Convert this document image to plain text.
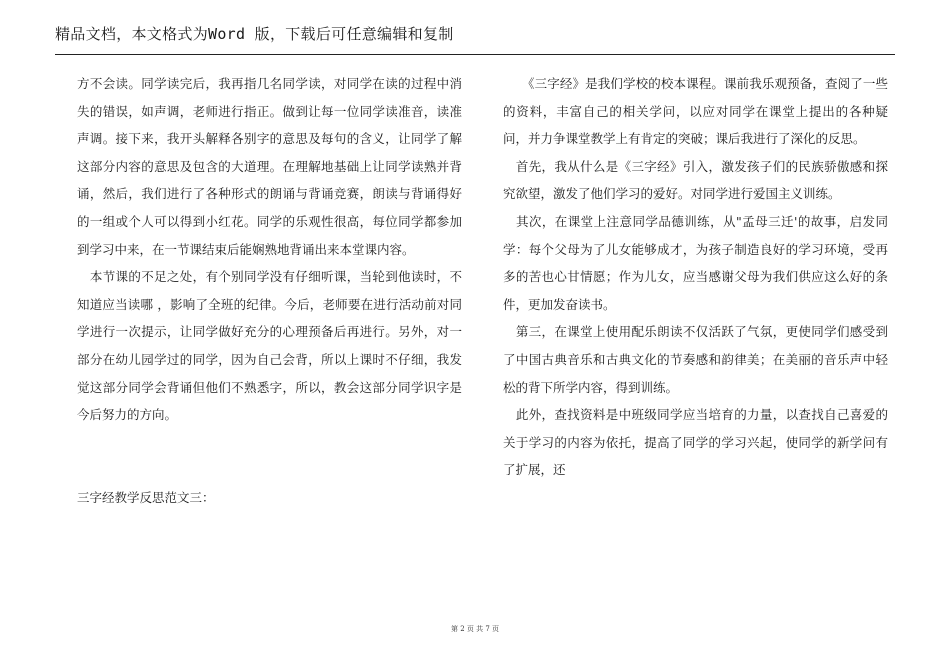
精品文档，本文格式为Word 版，下载后可任意编辑和复制

方不会读。同学读完后，我再指几名同学读，对同学在读的过程中消失的错误，如声调，老师进行指正。做到让每一位同学读准音，读准声调。接下来，我开头解释各别字的意思及每句的含义，让同学了解这部分内容的意思及包含的大道理。在理解地基础上让同学读熟并背诵，然后，我们进行了各种形式的朗诵与背诵竞赛，朗读与背诵得好的一组或个人可以得到小红花。同学的乐观性很高，每位同学都参加到学习中来，在一节课结束后能娴熟地背诵出来本堂课内容。

　本节课的不足之处，有个别同学没有仔细听课，当轮到他读时，不知道应当读哪 ，影响了全班的纪律。今后，老师要在进行活动前对同学进行一次提示，让同学做好充分的心理预备后再进行。另外，对一部分在幼儿园学过的同学，因为自己会背，所以上课时不仔细，我发觉这部分同学会背诵但他们不熟悉字，所以，教会这部分同学识字是今后努力的方向。

三字经教学反思范文三：

　　《三字经》是我们学校的校本课程。课前我乐观预备，查阅了一些的资料，丰富自己的相关学问，以应对同学在课堂上提出的各种疑问，并力争课堂教学上有肯定的突破；课后我进行了深化的反思。

　首先，我从什么是《三字经》引入，激发孩子们的民族骄傲感和探究欲望，激发了他们学习的爱好。对同学进行爱国主义训练。

　其次，在课堂上注意同学品德训练，从"孟母三迁'的故事，启发同学：每个父母为了儿女能够成才，为孩子制造良好的学习环境，受再多的苦也心甘情愿；作为儿女，应当感谢父母为我们供应这么好的条件，更加发奋读书。

　第三，在课堂上使用配乐朗读不仅活跃了气氛，更使同学们感受到了中国古典音乐和古典文化的节奏感和韵律美；在美丽的音乐声中轻松的背下所学内容，得到训练。

　此外，查找资料是中班级同学应当培育的力量，以查找自己喜爱的关于学习的内容为依托，提高了同学的学习兴起，使同学的新学问有了扩展，还

第 2 页 共 7 页
